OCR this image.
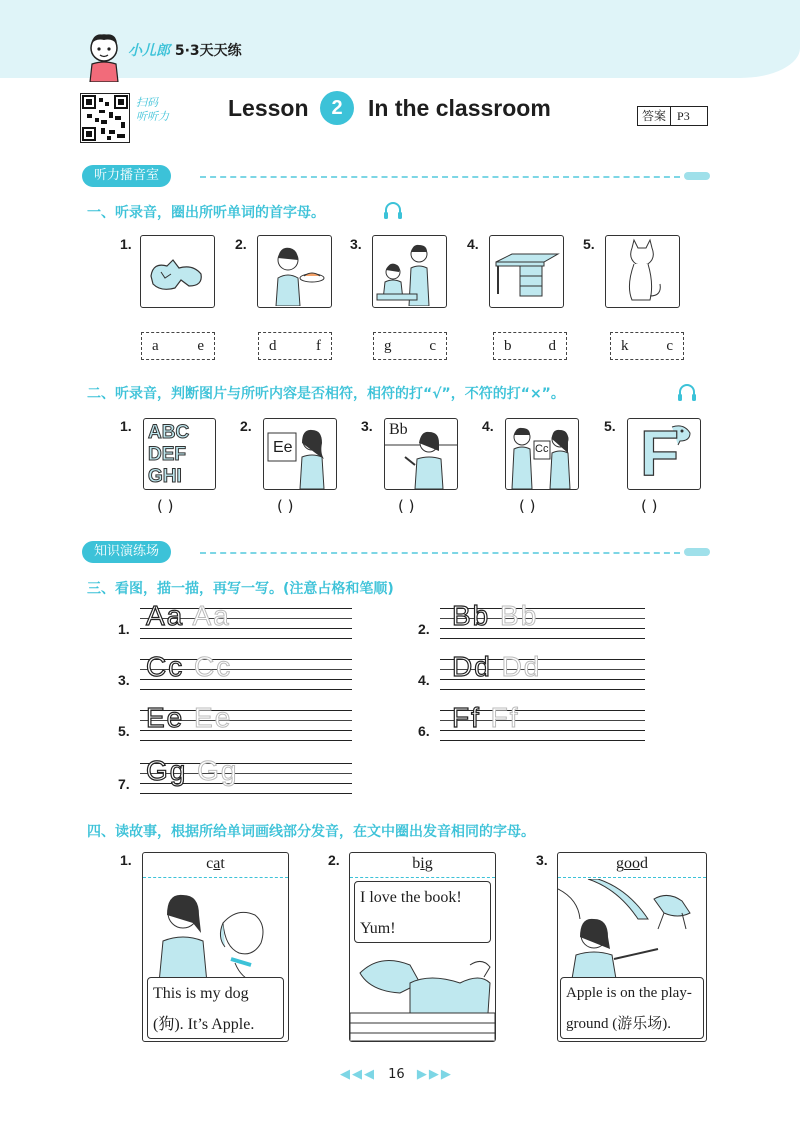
小儿郎 5·3天天练
扫码
听听力	Lesson	2	In the classroom	答案 P3
听力播音室
一、听录音，圈出所听单词的首字母。
1.
a	e
2.
d	f
3.
g	c
4.
b d
5.
k	c
二、听录音，判断图片与所听内容是否相符，相符的打“√”，不符的打“×”。
1. ABC DEF GHI
( )
2.
Ee
( )
3. Bb
( )
4.
Cc
( )
5. F
( )
知识演练场
三、看图，描一描，再写一写。(注意占格和笔顺)
1. Aa Aa	2. Bb Bb
3. Cc Cc	4. Dd Dd
5. Ee Ee	6. Ff Ff
7. Gg Gg
四、读故事，根据所给单词画线部分发音，在文中圈出发音相同的字母。
1.	cat
This is my dog
(狗). It’s Apple.
2.	big
I love the book!
Yum!
3.	good
Apple is on the play-
ground (游乐场).
◀◀◀ 16 ▶▶▶
